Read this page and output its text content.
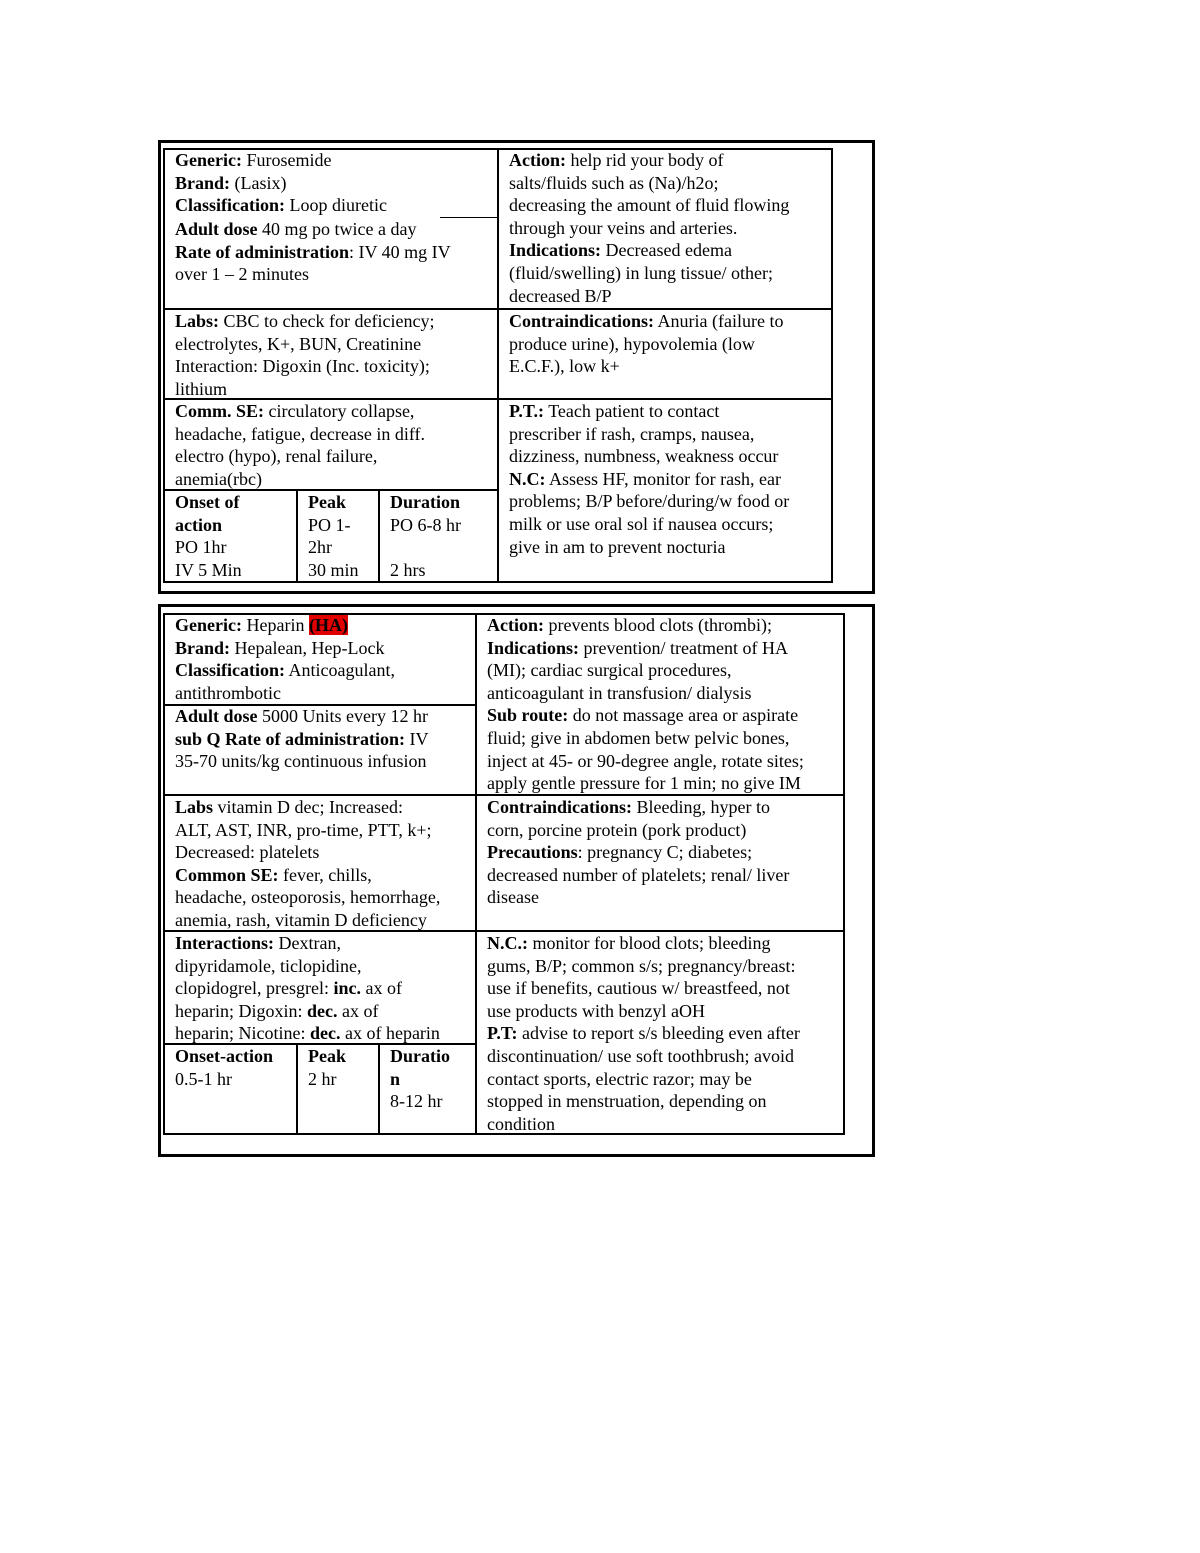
Generic: Furosemide
Brand: (Lasix)
Classification: Loop diuretic
Adult dose 40 mg po twice a day
Rate of administration: IV 40 mg IV
over 1 – 2 minutes
Action: help rid your body of
salts/fluids such as (Na)/h2o;
decreasing the amount of fluid flowing
through your veins and arteries.
Indications: Decreased edema
(fluid/swelling) in lung tissue/ other;
decreased B/P
Labs: CBC to check for deficiency;
electrolytes, K+, BUN, Creatinine
Interaction: Digoxin (Inc. toxicity);
lithium
Contraindications: Anuria (failure to
produce urine), hypovolemia (low
E.C.F.), low k+
Comm. SE: circulatory collapse,
headache, fatigue, decrease in diff.
electro (hypo), renal failure,
anemia(rbc)
P.T.: Teach patient to contact
prescriber if rash, cramps, nausea,
dizziness, numbness, weakness occur
N.C: Assess HF, monitor for rash, ear
problems; B/P before/during/w food or
milk or use oral sol if nausea occurs;
give in am to prevent nocturia
Onset of
action
PO 1hr
IV 5 Min
Peak
PO 1-
2hr
30 min
Duration
PO 6-8 hr

2 hrs
Generic: Heparin (HA)
Brand: Hepalean, Hep-Lock
Classification: Anticoagulant,
antithrombotic
Adult dose 5000 Units every 12 hr
sub Q Rate of administration: IV
35-70 units/kg continuous infusion
Action: prevents blood clots (thrombi);
Indications: prevention/ treatment of HA
(MI); cardiac surgical procedures,
anticoagulant in transfusion/ dialysis
Sub route: do not massage area or aspirate
fluid; give in abdomen betw pelvic bones,
inject at 45- or 90-degree angle, rotate sites;
apply gentle pressure for 1 min; no give IM
Labs vitamin D dec; Increased:
ALT, AST, INR, pro-time, PTT, k+;
Decreased: platelets
Common SE: fever, chills,
headache, osteoporosis, hemorrhage,
anemia, rash, vitamin D deficiency
Contraindications: Bleeding, hyper to
corn, porcine protein (pork product)
Precautions: pregnancy C; diabetes;
decreased number of platelets; renal/ liver
disease
Interactions: Dextran,
dipyridamole, ticlopidine,
clopidogrel, presgrel: inc. ax of
heparin; Digoxin: dec. ax of
heparin; Nicotine: dec. ax of heparin
N.C.: monitor for blood clots; bleeding
gums, B/P; common s/s; pregnancy/breast:
use if benefits, cautious w/ breastfeed, not
use products with benzyl aOH
P.T: advise to report s/s bleeding even after
discontinuation/ use soft toothbrush; avoid
contact sports, electric razor; may be
stopped in menstruation, depending on
condition
Onset-action
0.5-1 hr
Peak
2 hr
Duratio
n
8-12 hr
